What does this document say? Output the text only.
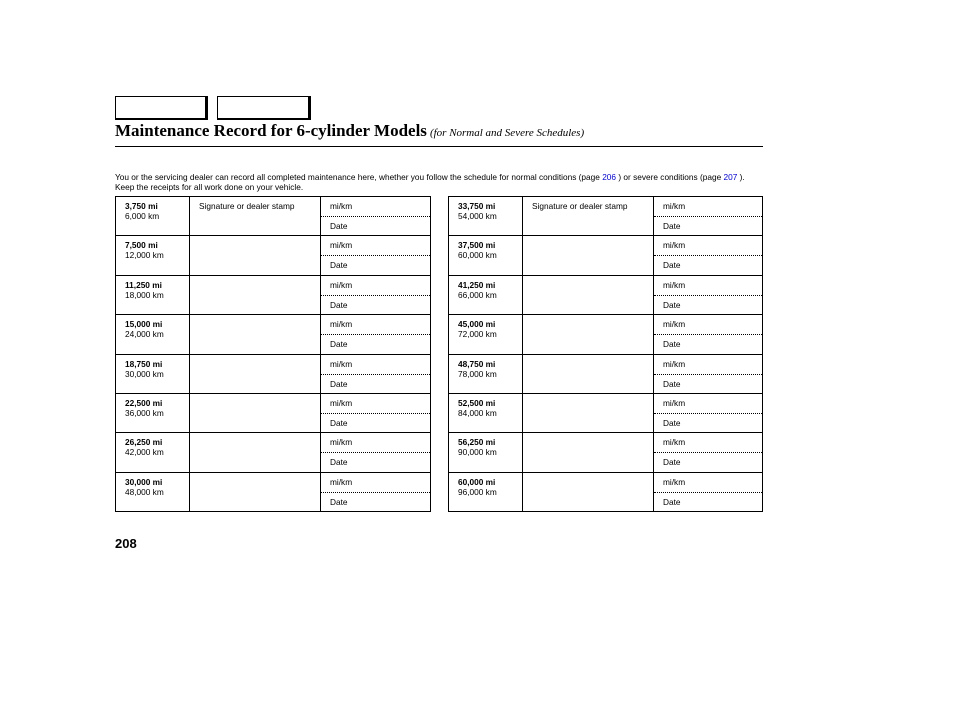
Maintenance Record for 6-cylinder Models (for Normal and Severe Schedules)
You or the servicing dealer can record all completed maintenance here, whether you follow the schedule for normal conditions (page 206 ) or severe conditions (page 207 ). Keep the receipts for all work done on your vehicle.
3,750 mi
6,000 km	Signature or dealer stamp	mi/km
Date

7,500 mi
12,000 km		mi/km
Date

11,250 mi
18,000 km		mi/km
Date

15,000 mi
24,000 km		mi/km
Date

18,750 mi
30,000 km		mi/km
Date

22,500 mi
36,000 km		mi/km
Date

26,250 mi
42,000 km		mi/km
Date

30,000 mi
48,000 km		mi/km
Date
33,750 mi
54,000 km	Signature or dealer stamp	mi/km
Date

37,500 mi
60,000 km		mi/km
Date

41,250 mi
66,000 km		mi/km
Date

45,000 mi
72,000 km		mi/km
Date

48,750 mi
78,000 km		mi/km
Date

52,500 mi
84,000 km		mi/km
Date

56,250 mi
90,000 km		mi/km
Date

60,000 mi
96,000 km		mi/km
Date
208
